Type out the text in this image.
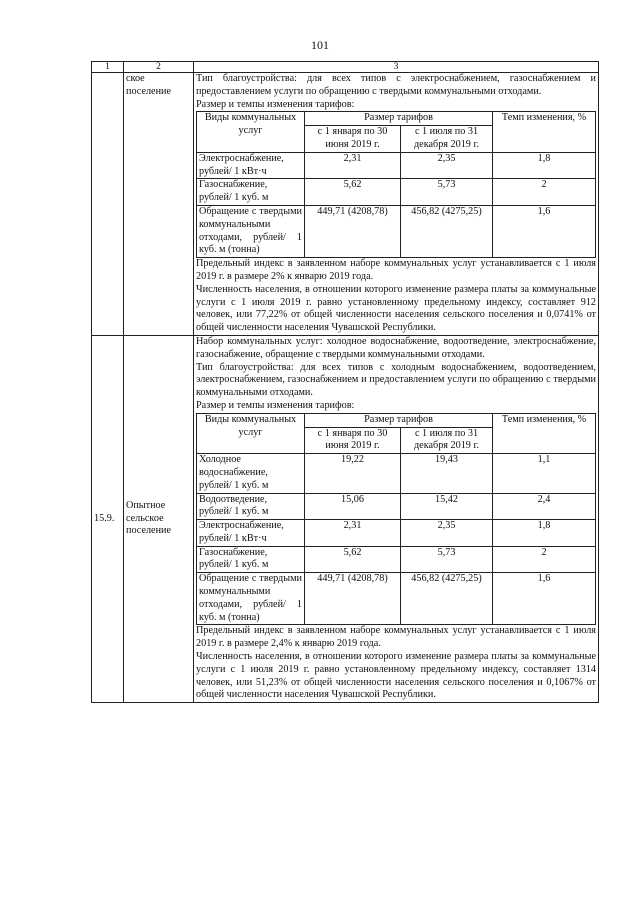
101
1	2	3
	ское поселение	

Тип благоустройства: для всех типов с электроснабжением, газоснабжением и предоставлением услуги по обращению с твердыми коммунальными отходами.

Размер и темпы изменения тарифов:

Виды коммунальных услуг	Размер тарифов	Темп изменения, %
с 1 января по 30 июня 2019 г.	с 1 июля по 31 декабря 2019 г.
Электроснабжение, рублей/ 1 кВт·ч	2,31	2,35	1,8
Газоснабжение, рублей/ 1 куб. м	5,62	5,73	2
Обращение с твердыми коммунальными отходами, рублей/ 1 куб. м (тонна)	449,71 (4208,78)	456,82 (4275,25)	1,6

Предельный индекс в заявленном наборе коммунальных услуг устанавливается с 1 июля 2019 г. в размере 2% к январю 2019 года.

Численность населения, в отношении которого изменение размера платы за коммунальные услуги с 1 июля 2019 г. равно установленному предельному индексу, составляет 912 человек, или 77,22% от общей численности населения сельского поселения и 0,0741% от общей численности населения Чувашской Республики.

15.9.	Опытное сельское поселение	

Набор коммунальных услуг: холодное водоснабжение, водоотведение, электроснабжение, газоснабжение, обращение с твердыми коммунальными отходами.

Тип благоустройства: для всех типов с холодным водоснабжением, водоотведением, электроснабжением, газоснабжением и предоставлением услуги по обращению с твердыми коммунальными отходами.

Размер и темпы изменения тарифов:

Виды коммунальных услуг	Размер тарифов	Темп изменения, %
с 1 января по 30 июня 2019 г.	с 1 июля по 31 декабря 2019 г.
Холодное водоснабжение, рублей/ 1 куб. м	19,22	19,43	1,1
Водоотведение, рублей/ 1 куб. м	15,06	15,42	2,4
Электроснабжение, рублей/ 1 кВт·ч	2,31	2,35	1,8
Газоснабжение, рублей/ 1 куб. м	5,62	5,73	2
Обращение с твердыми коммунальными отходами, рублей/ 1 куб. м (тонна)	449,71 (4208,78)	456,82 (4275,25)	1,6

Предельный индекс в заявленном наборе коммунальных услуг устанавливается с 1 июля 2019 г. в размере 2,4% к январю 2019 года.

Численность населения, в отношении которого изменение размера платы за коммунальные услуги с 1 июля 2019 г. равно установленному предельному индексу, составляет 1314 человек, или 51,23% от общей численности населения сельского поселения и 0,1067% от общей численности населения Чувашской Республики.
